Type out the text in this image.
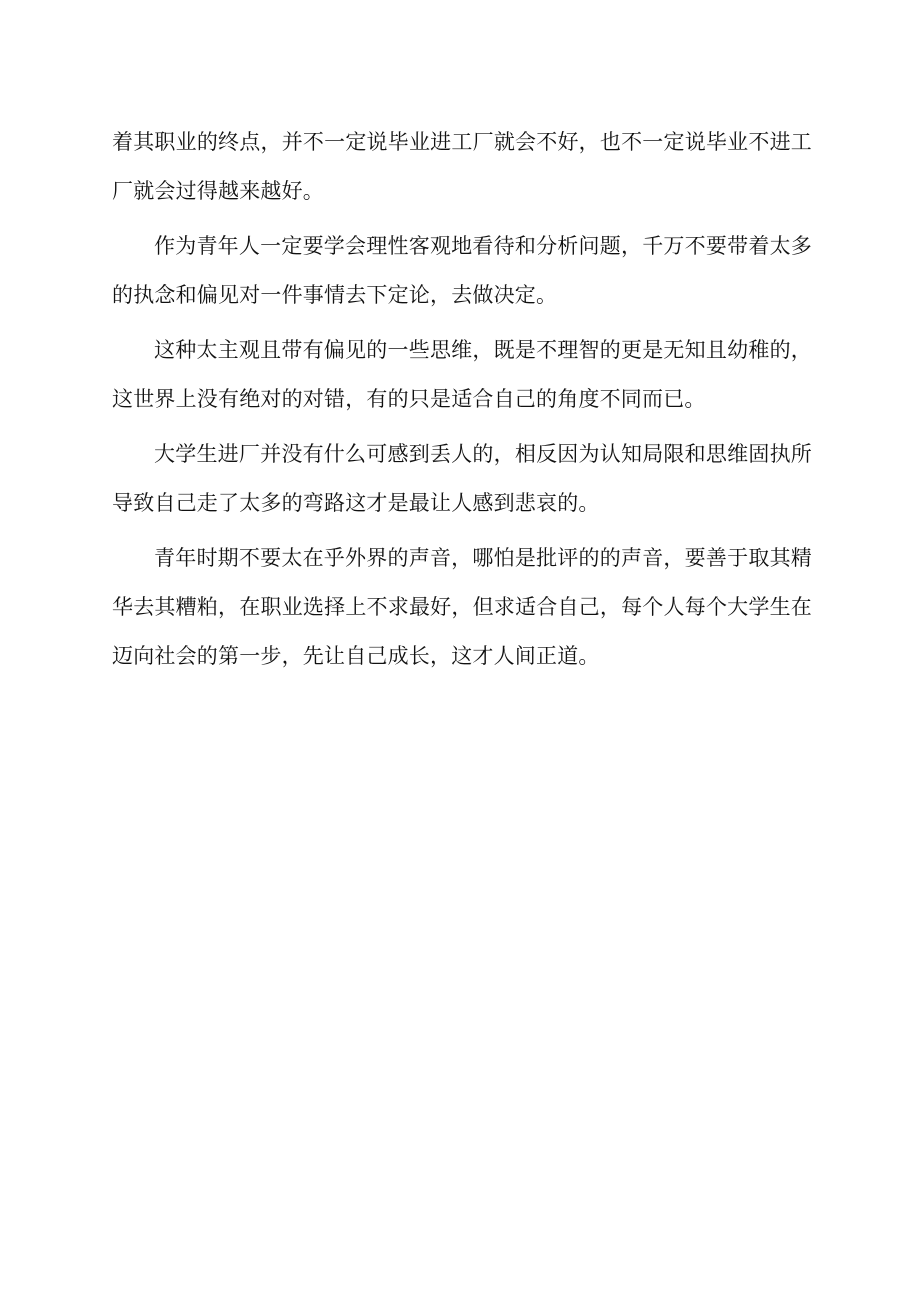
着其职业的终点，并不一定说毕业进工厂就会不好，也不一定说毕业不进工厂就会过得越来越好。

作为青年人一定要学会理性客观地看待和分析问题，千万不要带着太多的执念和偏见对一件事情去下定论，去做决定。

这种太主观且带有偏见的一些思维，既是不理智的更是无知且幼稚的，这世界上没有绝对的对错，有的只是适合自己的角度不同而已。

大学生进厂并没有什么可感到丢人的，相反因为认知局限和思维固执所导致自己走了太多的弯路这才是最让人感到悲哀的。

青年时期不要太在乎外界的声音，哪怕是批评的的声音，要善于取其精华去其糟粕，在职业选择上不求最好，但求适合自己，每个人每个大学生在迈向社会的第一步，先让自己成长，这才人间正道。
